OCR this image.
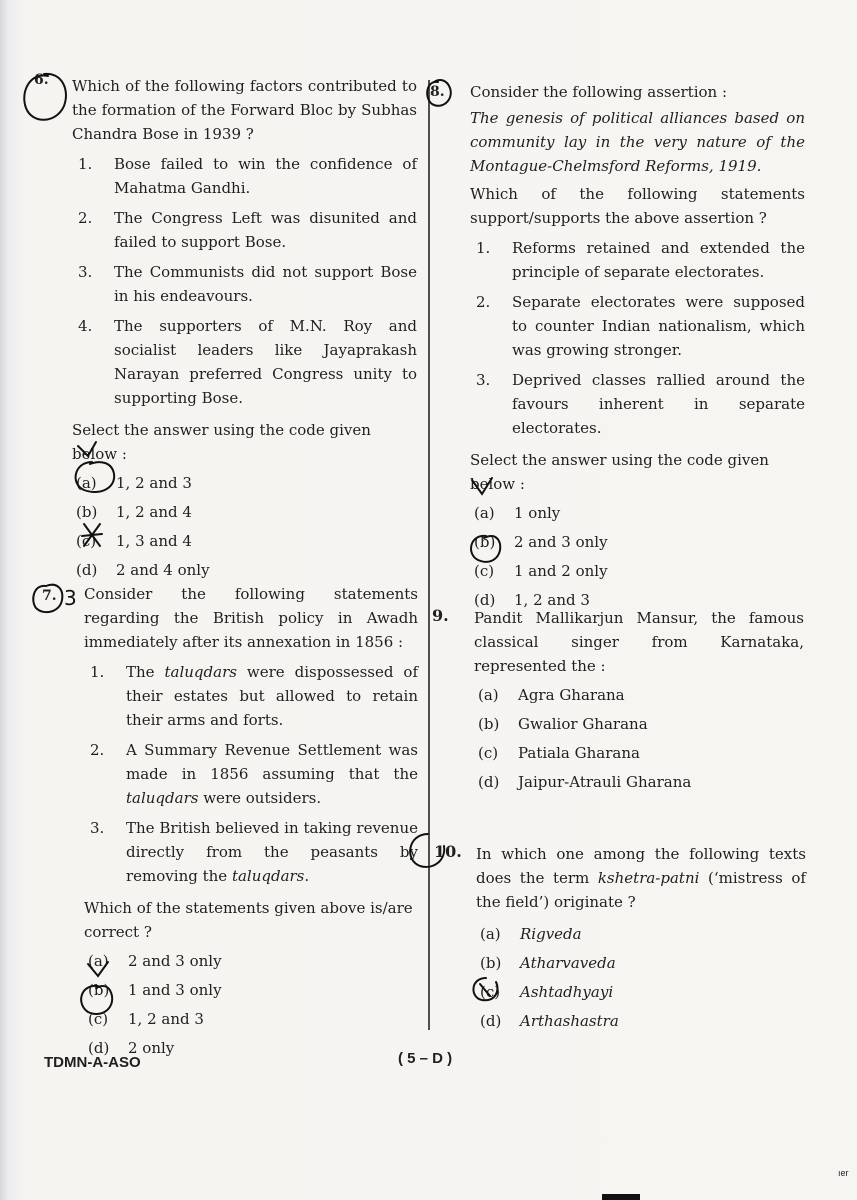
Which of the following factors contributed to the formation of the Forward Bloc by Subhas Chandra Bose in 1939 ?
1. Bose failed to win the confidence of Mahatma Gandhi.
2. The Congress Left was disunited and failed to support Bose.
3. The Communists did not support Bose in his endeavours.
4. The supporters of M.N. Roy and socialist leaders like Jayaprakash Narayan preferred Congress unity to supporting Bose.
Select the answer using the code given below :
(a) 1, 2 and 3
(b) 1, 2 and 4
(c) 1, 3 and 4
(d) 2 and 4 only
Consider the following statements regarding the British policy in Awadh immediately after its annexation in 1856 :
1. The taluqdars were dispossessed of their estates but allowed to retain their arms and forts.
2. A Summary Revenue Settlement was made in 1856 assuming that the taluqdars were outsiders.
3. The British believed in taking revenue directly from the peasants by removing the taluqdars.
Which of the statements given above is/are correct ?
(a) 2 and 3 only
(b) 1 and 3 only
(c) 1, 2 and 3
(d) 2 only
6.
7. 3
Consider the following assertion :
The genesis of political alliances based on community lay in the very nature of the Montague-Chelmsford Reforms, 1919.
Which of the following statements support/supports the above assertion ?
1. Reforms retained and extended the principle of separate electorates.
2. Separate electorates were supposed to counter Indian nationalism, which was growing stronger.
3. Deprived classes rallied around the favours inherent in separate electorates.
Select the answer using the code given below :
(a) 1 only
(b) 2 and 3 only
(c) 1 and 2 only
(d) 1, 2 and 3
Pandit Mallikarjun Mansur, the famous classical singer from Karnataka, represented the :
(a) Agra Gharana
(b) Gwalior Gharana
(c) Patiala Gharana
(d) Jaipur-Atrauli Gharana
In which one among the following texts does the term kshetra-patni (‘mistress of the field’) originate ?
(a) Rigveda
(b) Atharvaveda
(c) Ashtadhyayi
(d) Arthashastra
8.
9.
10.
TDMN-A-ASO	( 5 – D )
ıer
